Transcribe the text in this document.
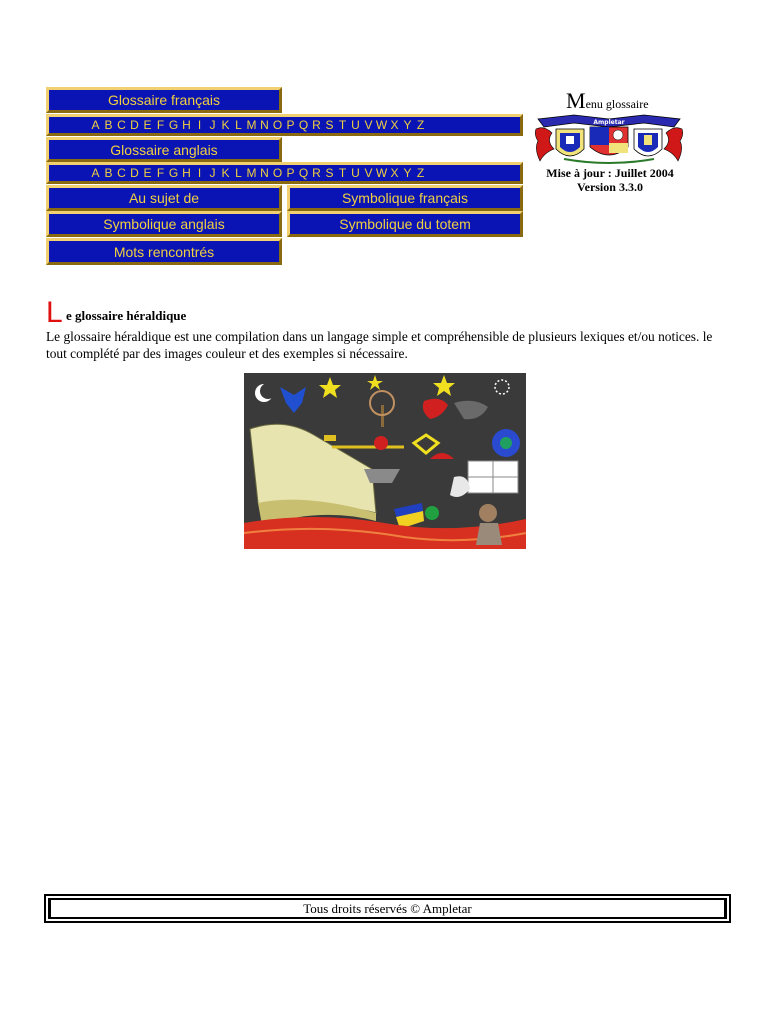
Glossaire français
A B C D E F G H I J K L M N O P Q R S T U V W X Y Z
Glossaire anglais
A B C D E F G H I J K L M N O P Q R S T U V W X Y Z
Au sujet de	Symbolique français
Symbolique anglais	Symbolique du totem
Mots rencontrés
Menu glossaire
Ampletar
Mise à jour : Juillet 2004
Version 3.3.0
L e glossaire héraldique
Le glossaire héraldique est une compilation dans un langage simple et compréhensible de plusieurs lexiques et/ou notices. le tout complété par des images couleur et des exemples si nécessaire.
Tous droits réservés © Ampletar
